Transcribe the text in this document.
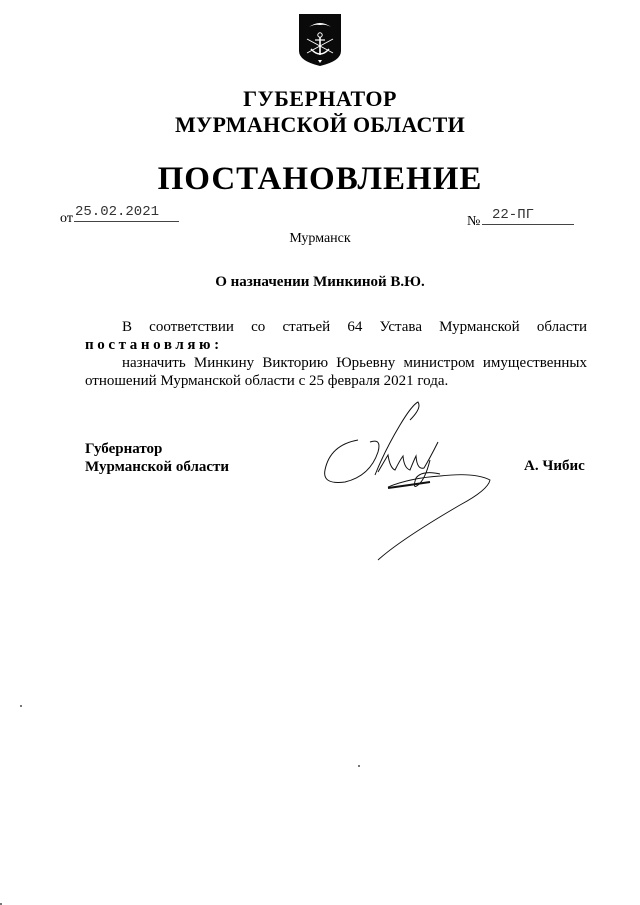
ГУБЕРНАТОР
МУРМАНСКОЙ ОБЛАСТИ
ПОСТАНОВЛЕНИЕ
от 25.02.2021
№ 22-ПГ
Мурманск
О назначении Минкиной В.Ю.

В соответствии со статьей 64 Устава Мурманской области

постановляю:

назначить Минкину Викторию Юрьевну министром имущественных

отношений Мурманской области с 25 февраля 2021 года.

Губернатор
Мурманской области	А. Чибис
